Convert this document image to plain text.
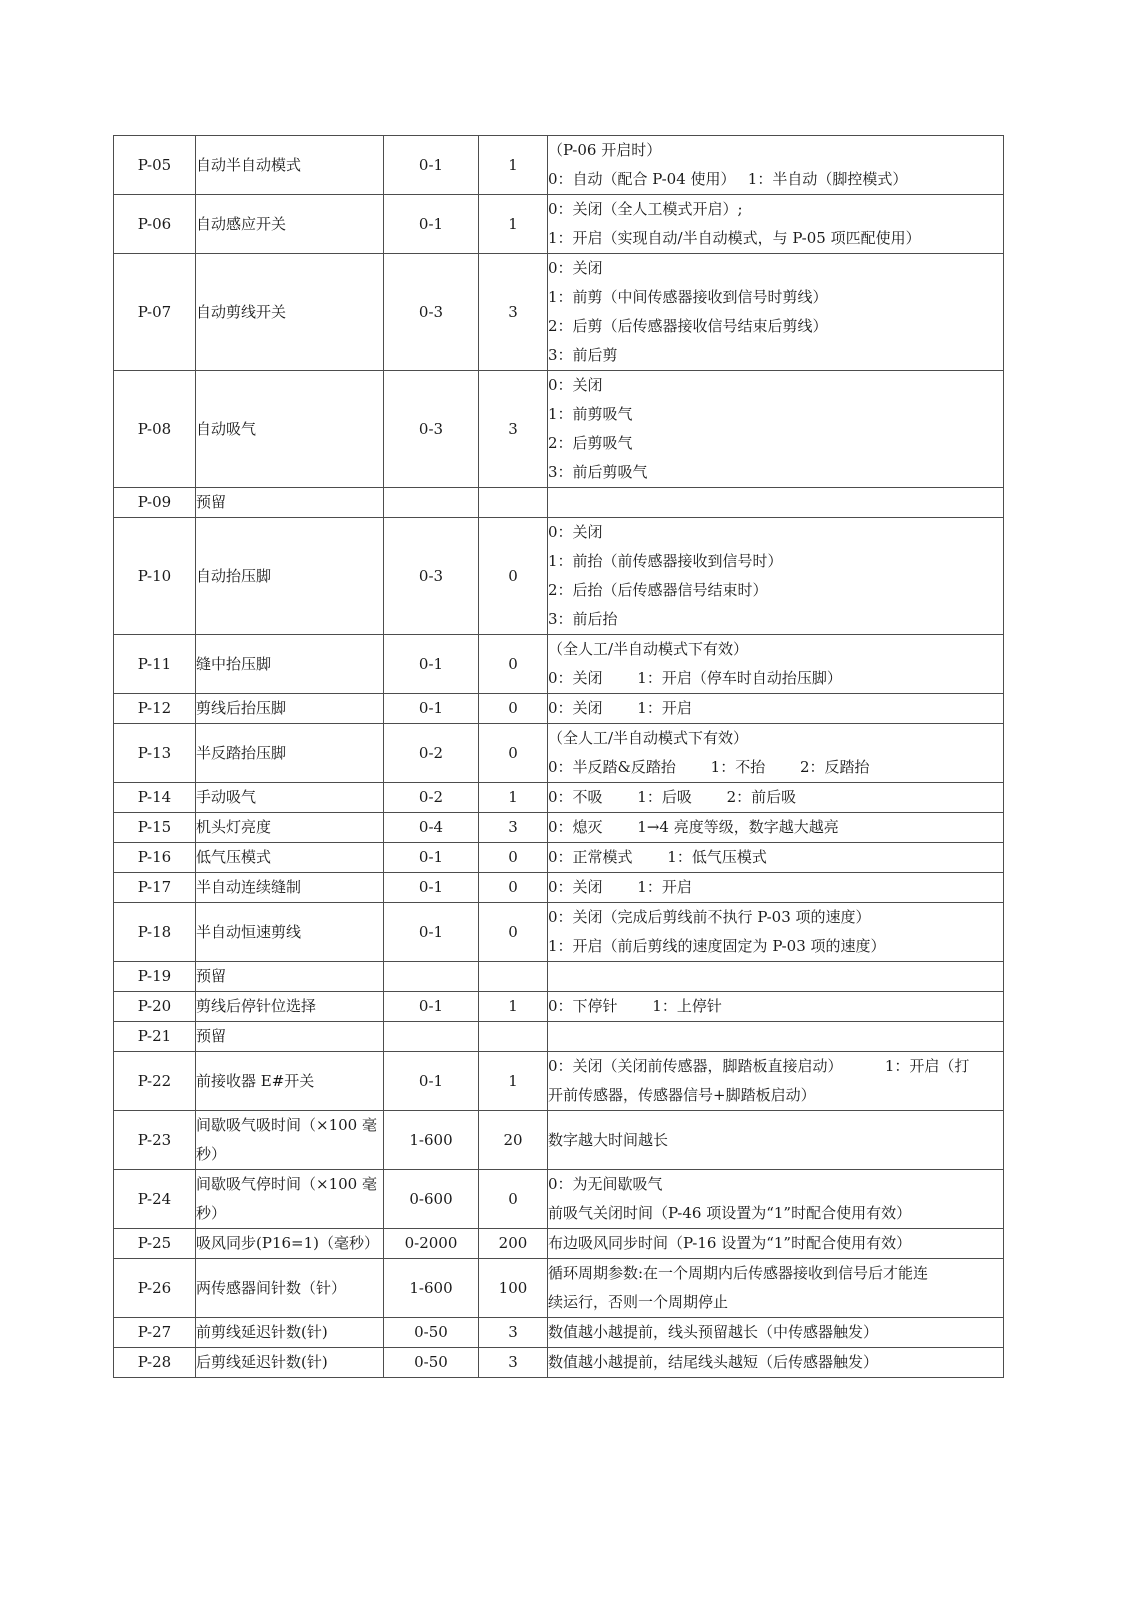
P-05	自动半自动模式	0-1	1	（P-06 开启时）
0：自动（配合 P-04 使用）　 1：半自动（脚控模式）

P-06	自动感应开关	0-1	1	0：关闭（全人工模式开启）;
1：开启（实现自动/半自动模式，与 P-05 项匹配使用）

P-07	自动剪线开关	0-3	3	0：关闭
1：前剪（中间传感器接收到信号时剪线）
2：后剪（后传感器接收信号结束后剪线）
3：前后剪

P-08	自动吸气	0-3	3	0：关闭
1：前剪吸气
2：后剪吸气
3：前后剪吸气

P-09	预留			
P-10	自动抬压脚	0-3	0	0：关闭
1：前抬（前传感器接收到信号时）
2：后抬（后传感器信号结束时）
3：前后抬

P-11	缝中抬压脚	0-1	0	（全人工/半自动模式下有效）
0：关闭　　 1：开启（停车时自动抬压脚）

P-12	剪线后抬压脚	0-1	0	0：关闭　　 1：开启

P-13	半反踏抬压脚	0-2	0	（全人工/半自动模式下有效）
0：半反踏&反踏抬　　 1：不抬　　 2：反踏抬

P-14	手动吸气	0-2	1	0：不吸　　 1：后吸　　 2：前后吸

P-15	机头灯亮度	0-4	3	0：熄灭　　 1→4 亮度等级，数字越大越亮

P-16	低气压模式	0-1	0	0：正常模式　　 1：低气压模式

P-17	半自动连续缝制	0-1	0	0：关闭　　 1：开启

P-18	半自动恒速剪线	0-1	0	0：关闭（完成后剪线前不执行 P-03 项的速度）
1：开启（前后剪线的速度固定为 P-03 项的速度）

P-19	预留			
P-20	剪线后停针位选择	0-1	1	0：下停针　　 1：上停针

P-21	预留			
P-22	前接收器 E#开关	0-1	1	0：关闭（关闭前传感器，脚踏板直接启动）　　　 1：开启（打
开前传感器，传感器信号+脚踏板启动）

P-23	间歇吸气吸时间（×100 毫秒）	1-600	20	数字越大时间越长

P-24	间歇吸气停时间（×100 毫秒）	0-600	0	0：为无间歇吸气
前吸气关闭时间（P-46 项设置为“1”时配合使用有效）

P-25	吸风同步(P16=1)（毫秒）	0-2000	200	布边吸风同步时间（P-16 设置为“1”时配合使用有效）

P-26	两传感器间针数（针）	1-600	100	循环周期参数:在一个周期内后传感器接收到信号后才能连
续运行，否则一个周期停止

P-27	前剪线延迟针数(针)	0-50	3	数值越小越提前，线头预留越长（中传感器触发）

P-28	后剪线延迟针数(针)	0-50	3	数值越小越提前，结尾线头越短（后传感器触发）
